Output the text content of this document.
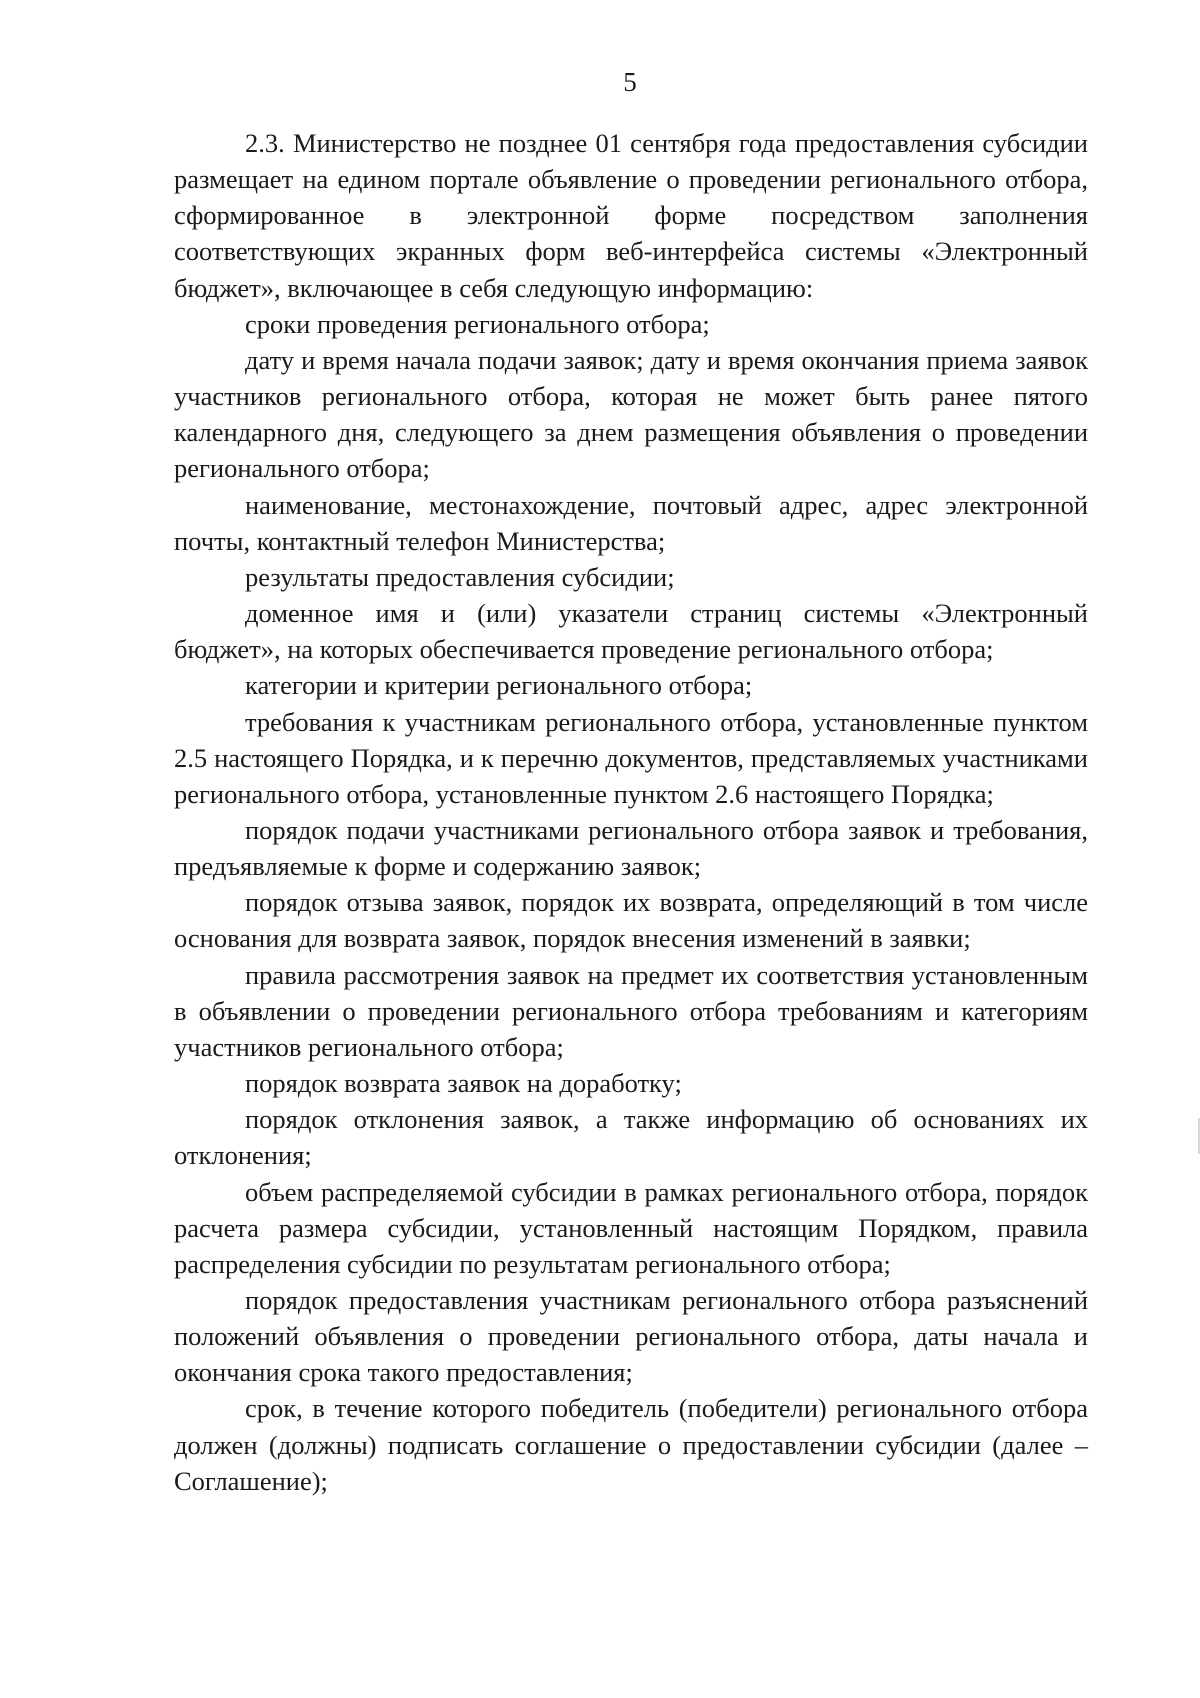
5

2.3. Министерство не позднее 01 сентября года предоставления субсидии размещает на едином портале объявление о проведении регионального отбора, сформированное в электронной форме посредством заполнения соответствующих экранных форм веб-интерфейса системы «Электронный бюджет», включающее в себя следующую информацию:

сроки проведения регионального отбора;

дату и время начала подачи заявок; дату и время окончания приема заявок участников регионального отбора, которая не может быть ранее пятого календарного дня, следующего за днем размещения объявления о проведении регионального отбора;

наименование, местонахождение, почтовый адрес, адрес электронной почты, контактный телефон Министерства;

результаты предоставления субсидии;

доменное имя и (или) указатели страниц системы «Электронный бюджет», на которых обеспечивается проведение регионального отбора;

категории и критерии регионального отбора;

требования к участникам регионального отбора, установленные пунктом 2.5 настоящего Порядка, и к перечню документов, представляемых участниками регионального отбора, установленные пунктом 2.6 настоящего Порядка;

порядок подачи участниками регионального отбора заявок и требования, предъявляемые к форме и содержанию заявок;

порядок отзыва заявок, порядок их возврата, определяющий в том числе основания для возврата заявок, порядок внесения изменений в заявки;

правила рассмотрения заявок на предмет их соответствия установленным в объявлении о проведении регионального отбора требованиям и категориям участников регионального отбора;

порядок возврата заявок на доработку;

порядок отклонения заявок, а также информацию об основаниях их отклонения;

объем распределяемой субсидии в рамках регионального отбора, порядок расчета размера субсидии, установленный настоящим Порядком, правила распределения субсидии по результатам регионального отбора;

порядок предоставления участникам регионального отбора разъяснений положений объявления о проведении регионального отбора, даты начала и окончания срока такого предоставления;

срок, в течение которого победитель (победители) регионального отбора должен (должны) подписать соглашение о предоставлении субсидии (далее – Соглашение);
